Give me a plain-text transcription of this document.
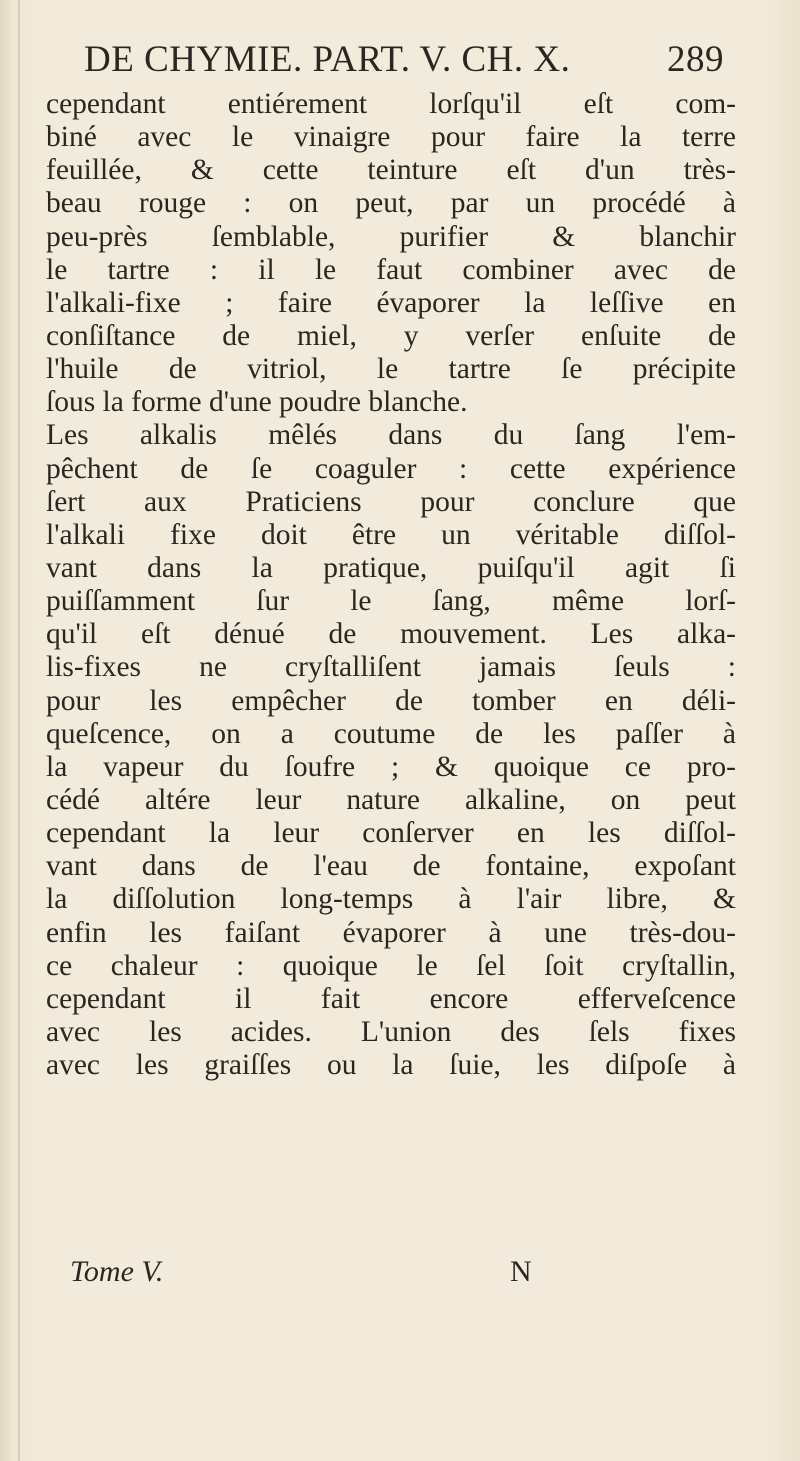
DE CHYMIE. PART. V. CH. X.	289
cependant entiérement lorſqu'il eſt com-
biné avec le vinaigre pour faire la terre
feuillée, & cette teinture eſt d'un très-
beau rouge : on peut, par un procédé à
peu-près ſemblable, purifier & blanchir
le tartre : il le faut combiner avec de
l'alkali-fixe ; faire évaporer la leſſive en
conſiſtance de miel, y verſer enſuite de
l'huile de vitriol, le tartre ſe précipite
ſous la forme d'une poudre blanche.
Les alkalis mêlés dans du ſang l'em-
pêchent de ſe coaguler : cette expérience
ſert aux Praticiens pour conclure que
l'alkali fixe doit être un véritable diſſol-
vant dans la pratique, puiſqu'il agit ſi
puiſſamment ſur le ſang, même lorſ-
qu'il eſt dénué de mouvement. Les alka-
lis-fixes ne cryſtalliſent jamais ſeuls :
pour les empêcher de tomber en déli-
queſcence, on a coutume de les paſſer à
la vapeur du ſoufre ; & quoique ce pro-
cédé altére leur nature alkaline, on peut
cependant la leur conſerver en les diſſol-
vant dans de l'eau de fontaine, expoſant
la diſſolution long-temps à l'air libre, &
enfin les faiſant évaporer à une très-dou-
ce chaleur : quoique le ſel ſoit cryſtallin,
cependant il fait encore efferveſcence
avec les acides. L'union des ſels fixes
avec les graiſſes ou la ſuie, les diſpoſe à
Tome V.	N
